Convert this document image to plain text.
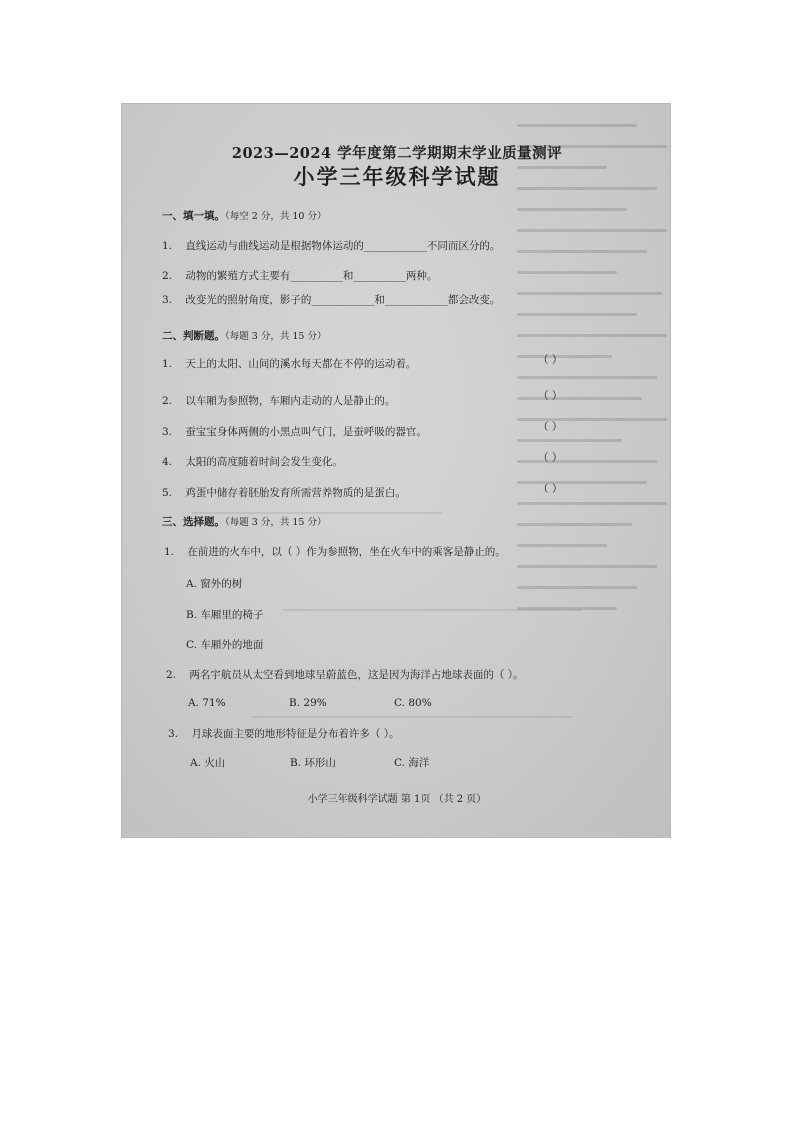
2023—2024 学年度第二学期期末学业质量测评
小学三年级科学试题
一、填一填。（每空 2 分，共 10 分）
1. 直线运动与曲线运动是根据物体运动的____________不同而区分的。
2. 动物的繁殖方式主要有__________和__________两种。
3. 改变光的照射角度，影子的____________和____________都会改变。
二、判断题。（每题 3 分，共 15 分）
1. 天上的太阳、山间的溪水每天都在不停的运动着。	（ ）
2. 以车厢为参照物，车厢内走动的人是静止的。	（ ）
3. 蚕宝宝身体两侧的小黑点叫气门，是蚕呼吸的器官。	（ ）
4. 太阳的高度随着时间会发生变化。	（ ）
5. 鸡蛋中储存着胚胎发育所需营养物质的是蛋白。	（ ）
三、选择题。（每题 3 分，共 15 分）
1. 在前进的火车中，以（ ）作为参照物，坐在火车中的乘客是静止的。
A. 窗外的树
B. 车厢里的椅子
C. 车厢外的地面
2. 两名宇航员从太空看到地球呈蔚蓝色，这是因为海洋占地球表面的（ ）。
A. 71%	B. 29%	C. 80%
3. 月球表面主要的地形特征是分布着许多（ ）。
A. 火山	B. 环形山	C. 海洋
小学三年级科学试题 第 1页 （共 2 页）
